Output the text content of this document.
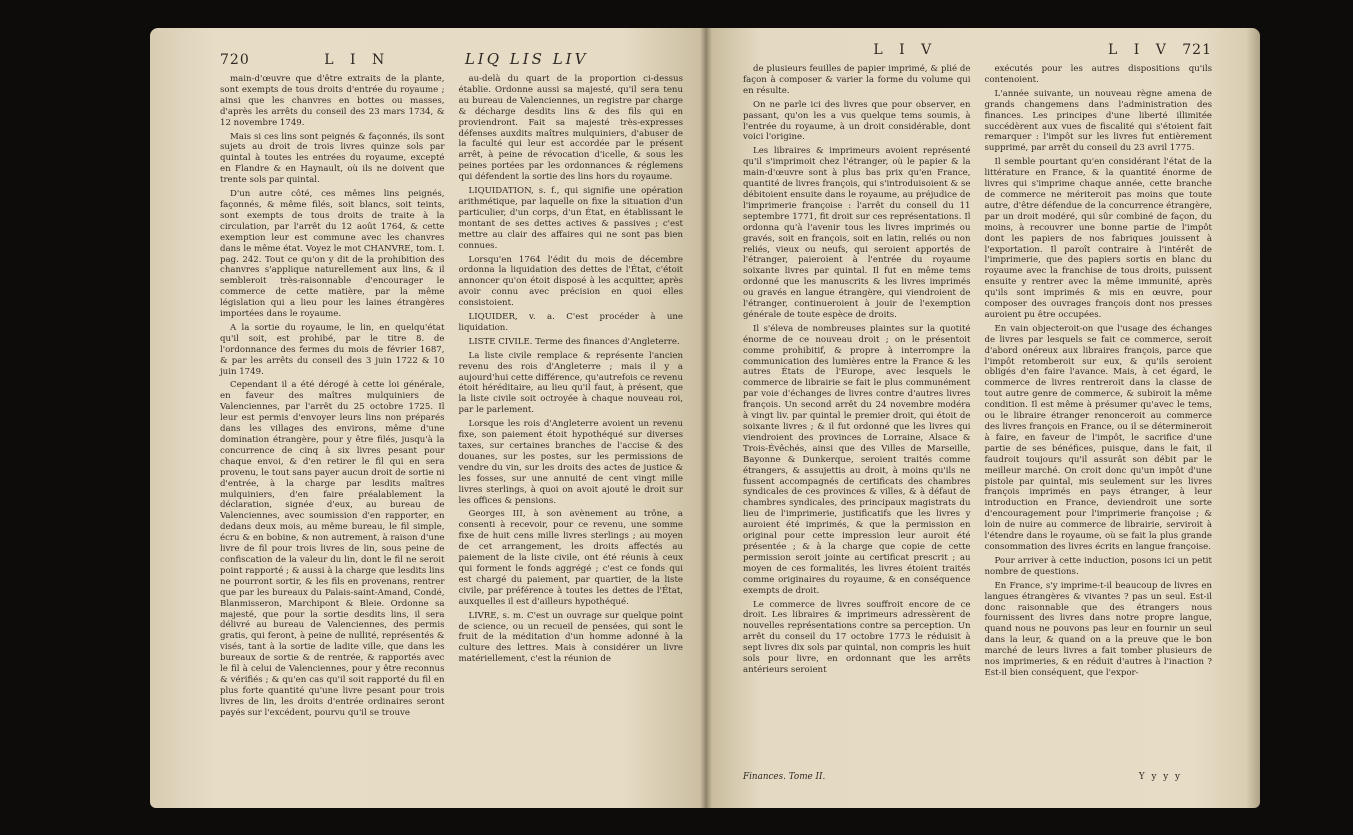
720	L I N	LIQ LIS LIV

main-d'œuvre que d'être extraits de la plante, sont exempts de tous droits d'entrée du royaume ; ainsi que les chanvres en bottes ou masses, d'après les arrêts du conseil des 23 mars 1734, & 12 novembre 1749.

Mais si ces lins sont peignés & façonnés, ils sont sujets au droit de trois livres quinze sols par quintal à toutes les entrées du royaume, excepté en Flandre & en Haynault, où ils ne doivent que trente sols par quintal.

D'un autre côté, ces mêmes lins peignés, façonnés, & même filés, soit blancs, soit teints, sont exempts de tous droits de traite à la circulation, par l'arrêt du 12 août 1764, & cette exemption leur est commune avec les chanvres dans le même état. Voyez le mot CHANVRE, tom. I. pag. 242. Tout ce qu'on y dit de la prohibition des chanvres s'applique naturellement aux lins, & il sembleroit très-raisonnable d'encourager le commerce de cette matière, par la même législation qui a lieu pour les laines étrangères importées dans le royaume.

A la sortie du royaume, le lin, en quelqu'état qu'il soit, est prohibé, par le titre 8. de l'ordonnance des fermes du mois de février 1687, & par les arrêts du conseil des 3 juin 1722 & 10 juin 1749.

Cependant il a été dérogé à cette loi générale, en faveur des maîtres mulquiniers de Valenciennes, par l'arrêt du 25 octobre 1725. Il leur est permis d'envoyer leurs lins non préparés dans les villages des environs, même d'une domination étrangère, pour y être filés, jusqu'à la concurrence de cinq à six livres pesant pour chaque envoi, & d'en retirer le fil qui en sera provenu, le tout sans payer aucun droit de sortie ni d'entrée, à la charge par lesdits maîtres mulquiniers, d'en faire préalablement la déclaration, signée d'eux, au bureau de Valenciennes, avec soumission d'en rapporter, en dedans deux mois, au même bureau, le fil simple, écru & en bobine, & non autrement, à raison d'une livre de fil pour trois livres de lin, sous peine de confiscation de la valeur du lin, dont le fil ne seroit point rapporté ; & aussi à la charge que lesdits lins ne pourront sortir, & les fils en provenans, rentrer que par les bureaux du Palais-saint-Amand, Condé, Blanmisseron, Marchipont & Bleie. Ordonne sa majesté, que pour la sortie desdits lins, il sera délivré au bureau de Valenciennes, des permis gratis, qui feront, à peine de nullité, représentés & visés, tant à la sortie de ladite ville, que dans les bureaux de sortie & de rentrée, & rapportés avec le fil à celui de Valenciennes, pour y être reconnus & vérifiés ; & qu'en cas qu'il soit rapporté du fil en plus forte quantité qu'une livre pesant pour trois livres de lin, les droits d'entrée ordinaires seront payés sur l'excédent, pourvu qu'il se trouve

au-delà du quart de la proportion ci-dessus établie. Ordonne aussi sa majesté, qu'il sera tenu au bureau de Valenciennes, un registre par charge & décharge desdits lins & des fils qui en proviendront. Fait sa majesté très-expresses défenses auxdits maîtres mulquiniers, d'abuser de la faculté qui leur est accordée par le présent arrêt, à peine de révocation d'icelle, & sous les peines portées par les ordonnances & réglemens qui défendent la sortie des lins hors du royaume.

LIQUIDATION, s. f., qui signifie une opération arithmétique, par laquelle on fixe la situation d'un particulier, d'un corps, d'un État, en établissant le montant de ses dettes actives & passives ; c'est mettre au clair des affaires qui ne sont pas bien connues.

Lorsqu'en 1764 l'édit du mois de décembre ordonna la liquidation des dettes de l'État, c'étoit annoncer qu'on étoit disposé à les acquitter, après avoir connu avec précision en quoi elles consistoient.

LIQUIDER, v. a. C'est procéder à une liquidation.

LISTE CIVILE. Terme des finances d'Angleterre.

La liste civile remplace & représente l'ancien revenu des rois d'Angleterre ; mais il y a aujourd'hui cette différence, qu'autrefois ce revenu étoit héréditaire, au lieu qu'il faut, à présent, que la liste civile soit octroyée à chaque nouveau roi, par le parlement.

Lorsque les rois d'Angleterre avoient un revenu fixe, son paiement étoit hypothéqué sur diverses taxes, sur certaines branches de l'accise & des douanes, sur les postes, sur les permissions de vendre du vin, sur les droits des actes de justice & les fosses, sur une annuité de cent vingt mille livres sterlings, à quoi on avoit ajouté le droit sur les offices & pensions.

Georges III, à son avènement au trône, a consenti à recevoir, pour ce revenu, une somme fixe de huit cens mille livres sterlings ; au moyen de cet arrangement, les droits affectés au paiement de la liste civile, ont été réunis à ceux qui forment le fonds aggrégé ; c'est ce fonds qui est chargé du paiement, par quartier, de la liste civile, par préférence à toutes les dettes de l'État, auxquelles il est d'ailleurs hypothéqué.

LIVRE, s. m. C'est un ouvrage sur quelque point de science, ou un recueil de pensées, qui sont le fruit de la méditation d'un homme adonné à la culture des lettres. Mais à considérer un livre matériellement, c'est la réunion de

L I V	L I V 721

de plusieurs feuilles de papier imprimé, & plié de façon à composer & varier la forme du volume qui en résulte.

On ne parle ici des livres que pour observer, en passant, qu'on les a vus quelque tems soumis, à l'entrée du royaume, à un droit considérable, dont voici l'origine.

Les libraires & imprimeurs avoient représenté qu'il s'imprimoit chez l'étranger, où le papier & la main-d'œuvre sont à plus bas prix qu'en France, quantité de livres françois, qui s'introduisoient & se débitoient ensuite dans le royaume, au préjudice de l'imprimerie françoise : l'arrêt du conseil du 11 septembre 1771, fit droit sur ces représentations. Il ordonna qu'à l'avenir tous les livres imprimés ou gravés, soit en françois, soit en latin, reliés ou non reliés, vieux ou neufs, qui seroient apportés de l'étranger, paieroient à l'entrée du royaume soixante livres par quintal. Il fut en même tems ordonné que les manuscrits & les livres imprimés ou gravés en langue étrangère, qui viendroient de l'étranger, continueroient à jouir de l'exemption générale de toute espèce de droits.

Il s'éleva de nombreuses plaintes sur la quotité énorme de ce nouveau droit ; on le présentoit comme prohibitif, & propre à interrompre la communication des lumières entre la France & les autres États de l'Europe, avec lesquels le commerce de librairie se fait le plus communément par voie d'échanges de livres contre d'autres livres françois. Un second arrêt du 24 novembre modéra à vingt liv. par quintal le premier droit, qui étoit de soixante livres ; & il fut ordonné que les livres qui viendroient des provinces de Lorraine, Alsace & Trois-Évêchés, ainsi que des Villes de Marseille, Bayonne & Dunkerque, seroient traités comme étrangers, & assujettis au droit, à moins qu'ils ne fussent accompagnés de certificats des chambres syndicales de ces provinces & villes, & à défaut de chambres syndicales, des principaux magistrats du lieu de l'imprimerie, justificatifs que les livres y auroient été imprimés, & que la permission en original pour cette impression leur auroit été présentée ; & à la charge que copie de cette permission seroit jointe au certificat prescrit ; au moyen de ces formalités, les livres étoient traités comme originaires du royaume, & en conséquence exempts de droit.

Le commerce de livres souffroit encore de ce droit. Les libraires & imprimeurs adressèrent de nouvelles représentations contre sa perception. Un arrêt du conseil du 17 octobre 1773 le réduisit à sept livres dix sols par quintal, non compris les huit sols pour livre, en ordonnant que les arrêts antérieurs seroient

exécutés pour les autres dispositions qu'ils contenoient.

L'année suivante, un nouveau règne amena de grands changemens dans l'administration des finances. Les principes d'une liberté illimitée succédèrent aux vues de fiscalité qui s'étoient fait remarquer : l'impôt sur les livres fut entièrement supprimé, par arrêt du conseil du 23 avril 1775.

Il semble pourtant qu'en considérant l'état de la littérature en France, & la quantité énorme de livres qui s'imprime chaque année, cette branche de commerce ne mériteroit pas moins que toute autre, d'être défendue de la concurrence étrangère, par un droit modéré, qui sûr combiné de façon, du moins, à recouvrer une bonne partie de l'impôt dont les papiers de nos fabriques jouissent à l'exportation. Il paroît contraire à l'intérêt de l'imprimerie, que des papiers sortis en blanc du royaume avec la franchise de tous droits, puissent ensuite y rentrer avec la même immunité, après qu'ils sont imprimés & mis en œuvre, pour composer des ouvrages françois dont nos presses auroient pu être occupées.

En vain objecteroit-on que l'usage des échanges de livres par lesquels se fait ce commerce, seroit d'abord onéreux aux libraires françois, parce que l'impôt retomberoit sur eux, & qu'ils seroient obligés d'en faire l'avance. Mais, à cet égard, le commerce de livres rentreroit dans la classe de tout autre genre de commerce, & subiroit la même condition. Il est même à présumer qu'avec le tems, ou le libraire étranger renonceroit au commerce des livres françois en France, ou il se détermineroit à faire, en faveur de l'impôt, le sacrifice d'une partie de ses bénéfices, puisque, dans le fait, il faudroit toujours qu'il assurât son débit par le meilleur marché. On croit donc qu'un impôt d'une pistole par quintal, mis seulement sur les livres françois imprimés en pays étranger, à leur introduction en France, deviendroit une sorte d'encouragement pour l'imprimerie françoise ; & loin de nuire au commerce de librairie, serviroit à l'étendre dans le royaume, où se fait la plus grande consommation des livres écrits en langue françoise.

Pour arriver à cette induction, posons ici un petit nombre de questions.

En France, s'y imprime-t-il beaucoup de livres en langues étrangères & vivantes ? pas un seul. Est-il donc raisonnable que des étrangers nous fournissent des livres dans notre propre langue, quand nous ne pouvons pas leur en fournir un seul dans la leur, & quand on a la preuve que le bon marché de leurs livres a fait tomber plusieurs de nos imprimeries, & en réduit d'autres à l'inaction ? Est-il bien conséquent, que l'expor-

Finances. Tome II.	Y y y y
